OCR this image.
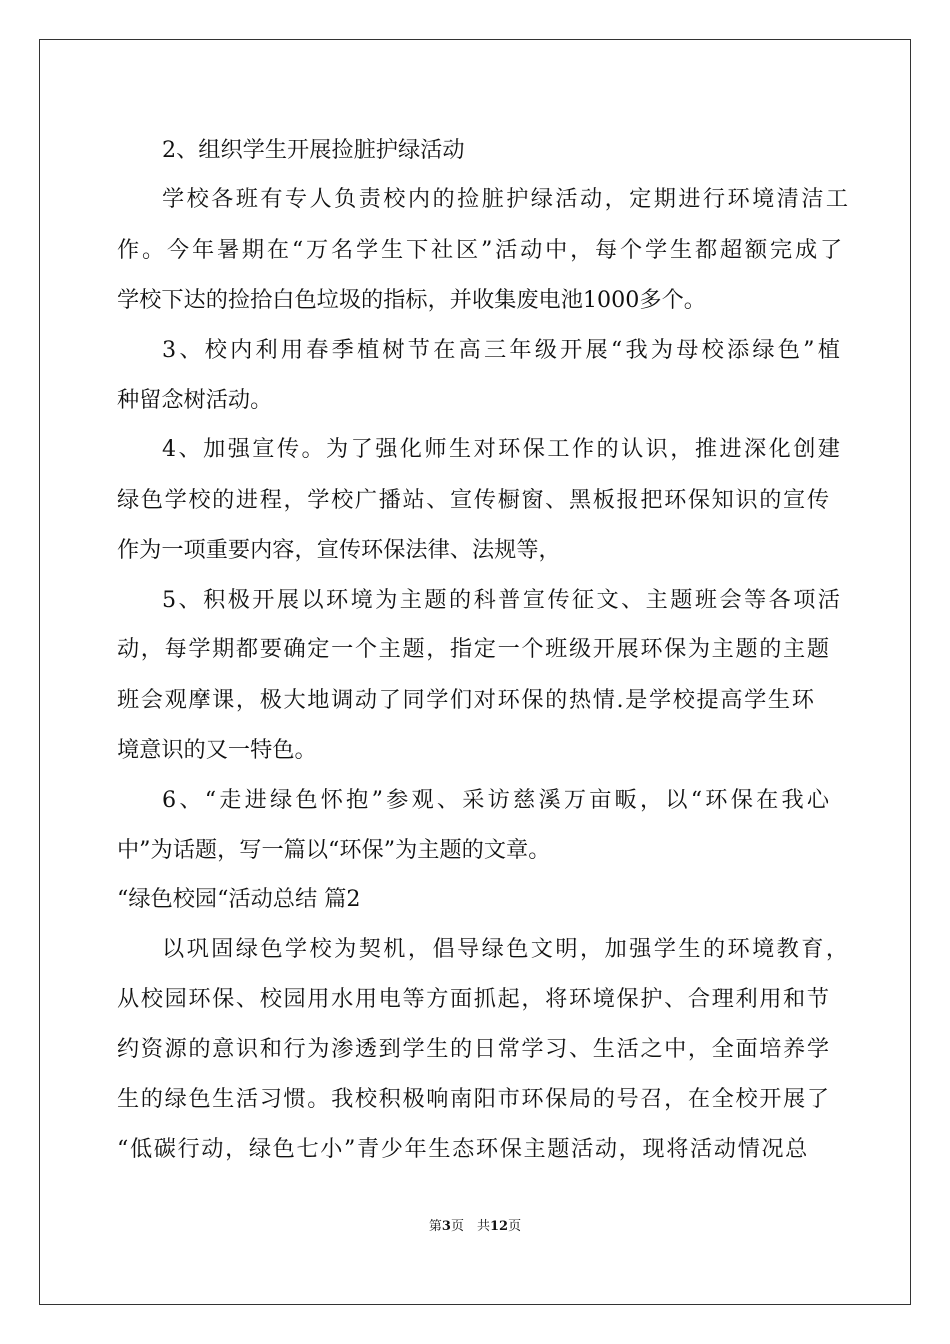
2、组织学生开展捡脏护绿活动
学校各班有专人负责校内的捡脏护绿活动，定期进行环境清洁工
作。今年暑期在“万名学生下社区”活动中，每个学生都超额完成了
学校下达的捡拾白色垃圾的指标，并收集废电池1000多个。
3、校内利用春季植树节在高三年级开展“我为母校添绿色”植
种留念树活动。
4、加强宣传。为了强化师生对环保工作的认识，推进深化创建
绿色学校的进程，学校广播站、宣传橱窗、黑板报把环保知识的宣传
作为一项重要内容，宣传环保法律、法规等，
5、积极开展以环境为主题的科普宣传征文、主题班会等各项活
动，每学期都要确定一个主题，指定一个班级开展环保为主题的主题
班会观摩课，极大地调动了同学们对环保的热情.是学校提高学生环
境意识的又一特色。
6、“走进绿色怀抱”参观、采访慈溪万亩畈，以“环保在我心
中”为话题，写一篇以“环保”为主题的文章。
“绿色校园“活动总结 篇2
以巩固绿色学校为契机，倡导绿色文明，加强学生的环境教育，
从校园环保、校园用水用电等方面抓起，将环境保护、合理利用和节
约资源的意识和行为渗透到学生的日常学习、生活之中，全面培养学
生的绿色生活习惯。我校积极响南阳市环保局的号召，在全校开展了
“低碳行动，绿色七小”青少年生态环保主题活动，现将活动情况总
第3页　共12页
